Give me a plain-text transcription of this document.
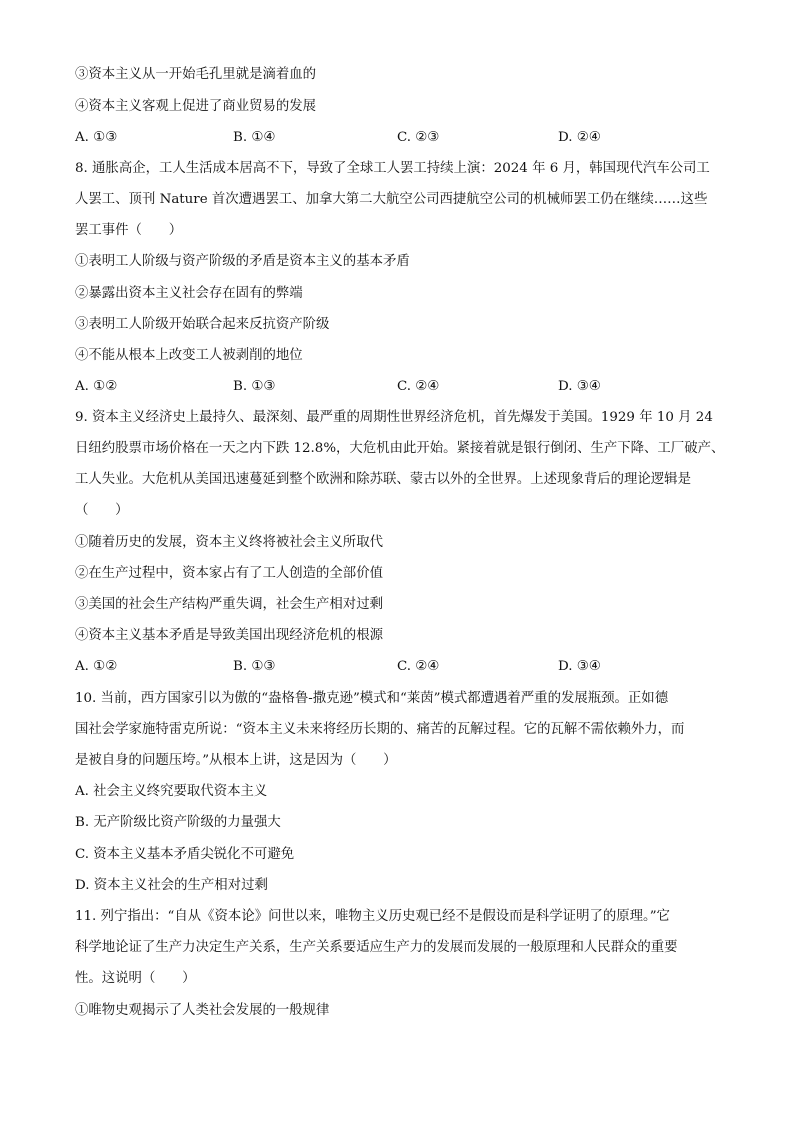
③资本主义从一开始毛孔里就是滴着血的
④资本主义客观上促进了商业贸易的发展
A. ①③	B. ①④	C. ②③	D. ②④
8. 通胀高企，工人生活成本居高不下，导致了全球工人罢工持续上演：2024 年 6 月，韩国现代汽车公司工
人罢工、顶刊 Nature 首次遭遇罢工、加拿大第二大航空公司西捷航空公司的机械师罢工仍在继续……这些
罢工事件（　　）
①表明工人阶级与资产阶级的矛盾是资本主义的基本矛盾
②暴露出资本主义社会存在固有的弊端
③表明工人阶级开始联合起来反抗资产阶级
④不能从根本上改变工人被剥削的地位
A. ①②	B. ①③	C. ②④	D. ③④
9. 资本主义经济史上最持久、最深刻、最严重的周期性世界经济危机，首先爆发于美国。1929 年 10 月 24
日纽约股票市场价格在一天之内下跌 12.8%，大危机由此开始。紧接着就是银行倒闭、生产下降、工厂破产、
工人失业。大危机从美国迅速蔓延到整个欧洲和除苏联、蒙古以外的全世界。上述现象背后的理论逻辑是
（　　）
①随着历史的发展，资本主义终将被社会主义所取代
②在生产过程中，资本家占有了工人创造的全部价值
③美国的社会生产结构严重失调，社会生产相对过剩
④资本主义基本矛盾是导致美国出现经济危机的根源
A. ①②	B. ①③	C. ②④	D. ③④
10. 当前，西方国家引以为傲的“盎格鲁-撒克逊”模式和“莱茵”模式都遭遇着严重的发展瓶颈。正如德
国社会学家施特雷克所说：“资本主义未来将经历长期的、痛苦的瓦解过程。它的瓦解不需依赖外力，而
是被自身的问题压垮。”从根本上讲，这是因为（　　）
A. 社会主义终究要取代资本主义
B. 无产阶级比资产阶级的力量强大
C. 资本主义基本矛盾尖锐化不可避免
D. 资本主义社会的生产相对过剩
11. 列宁指出：“自从《资本论》问世以来，唯物主义历史观已经不是假设而是科学证明了的原理。”它
科学地论证了生产力决定生产关系，生产关系要适应生产力的发展而发展的一般原理和人民群众的重要
性。这说明（　　）
①唯物史观揭示了人类社会发展的一般规律
